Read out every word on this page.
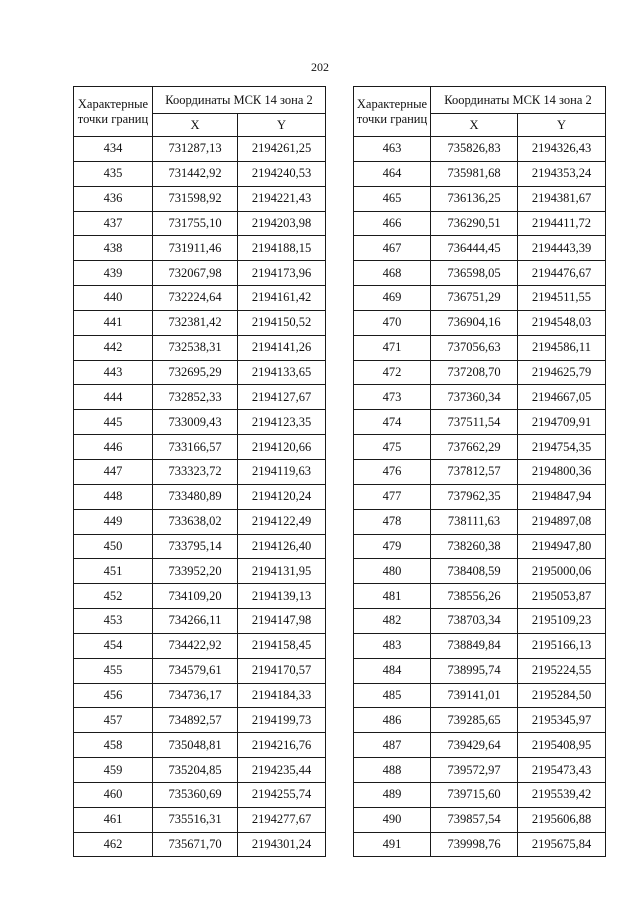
202
Характерные точки границ	Координаты МСК 14 зона 2	
	X	Y
434	731287,13	2194261,25
435	731442,92	2194240,53
436	731598,92	2194221,43
437	731755,10	2194203,98
438	731911,46	2194188,15
439	732067,98	2194173,96
440	732224,64	2194161,42
441	732381,42	2194150,52
442	732538,31	2194141,26
443	732695,29	2194133,65
444	732852,33	2194127,67
445	733009,43	2194123,35
446	733166,57	2194120,66
447	733323,72	2194119,63
448	733480,89	2194120,24
449	733638,02	2194122,49
450	733795,14	2194126,40
451	733952,20	2194131,95
452	734109,20	2194139,13
453	734266,11	2194147,98
454	734422,92	2194158,45
455	734579,61	2194170,57
456	734736,17	2194184,33
457	734892,57	2194199,73
458	735048,81	2194216,76
459	735204,85	2194235,44
460	735360,69	2194255,74
461	735516,31	2194277,67
462	735671,70	2194301,24
Характерные точки границ	Координаты МСК 14 зона 2	
	X	Y
463	735826,83	2194326,43
464	735981,68	2194353,24
465	736136,25	2194381,67
466	736290,51	2194411,72
467	736444,45	2194443,39
468	736598,05	2194476,67
469	736751,29	2194511,55
470	736904,16	2194548,03
471	737056,63	2194586,11
472	737208,70	2194625,79
473	737360,34	2194667,05
474	737511,54	2194709,91
475	737662,29	2194754,35
476	737812,57	2194800,36
477	737962,35	2194847,94
478	738111,63	2194897,08
479	738260,38	2194947,80
480	738408,59	2195000,06
481	738556,26	2195053,87
482	738703,34	2195109,23
483	738849,84	2195166,13
484	738995,74	2195224,55
485	739141,01	2195284,50
486	739285,65	2195345,97
487	739429,64	2195408,95
488	739572,97	2195473,43
489	739715,60	2195539,42
490	739857,54	2195606,88
491	739998,76	2195675,84
